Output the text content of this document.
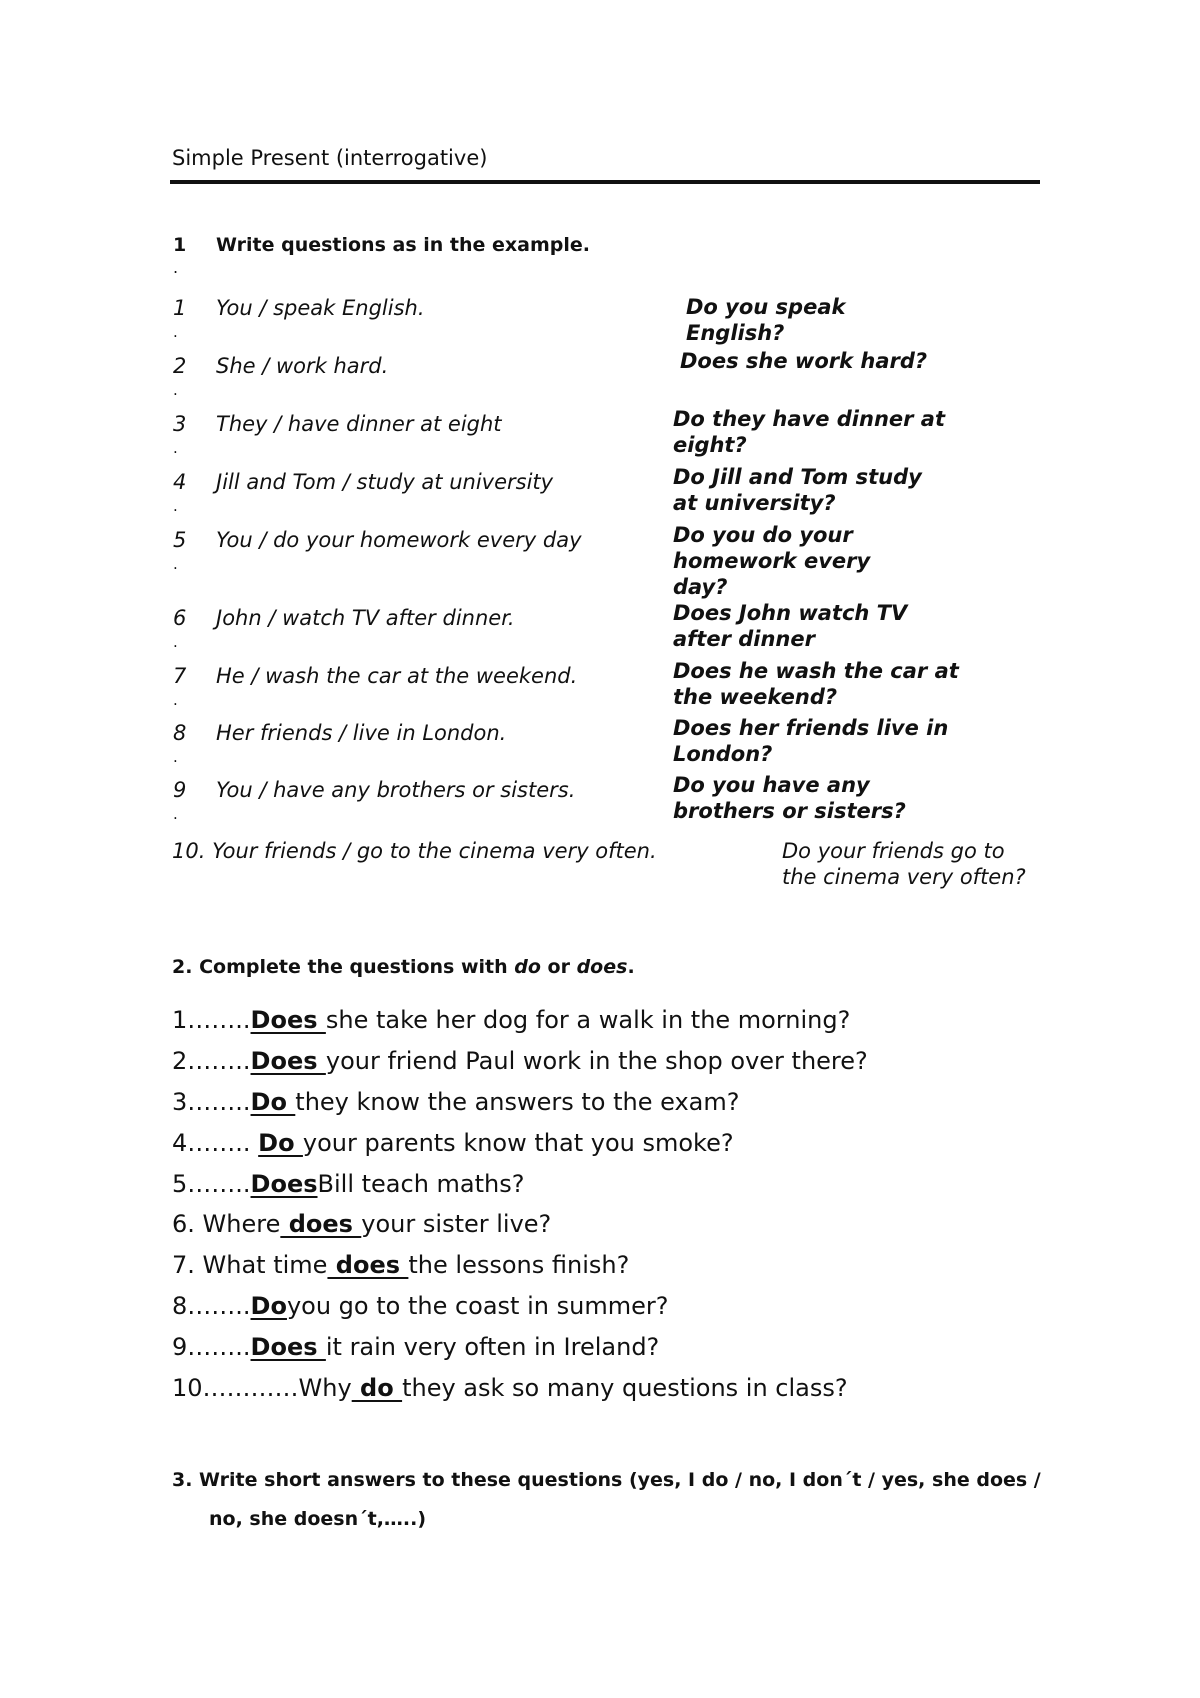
Simple Present (interrogative)
1
.
Write questions as in the example.
1
.
You / speak English.	Do you speak English?
2
.
She / work hard.	Does she work hard?
3
.
They / have dinner at eight	Do they have dinner at eight?
4
.
Jill and Tom / study at university	Do Jill and Tom study at university?
5
.
You / do your homework every day	Do you do your homework every day?
6
.
John / watch TV after dinner.	Does John watch TV after dinner
7
.
He / wash the car at the weekend.	Does he wash the car at the weekend?
8
.
Her friends / live in London.	Does her friends live in London?
9
.
You / have any brothers or sisters.	Do you have any brothers or sisters?
10. Your friends / go to the cinema very often.	Do your friends go to the cinema very often?
2. Complete the questions with do or does.
1……..Does she take her dog for a walk in the morning?
2……..Does your friend Paul work in the shop over there?
3……..Do they know the answers to the exam?
4…….. Do your parents know that you smoke?
5……..DoesBill teach maths?
6. Where does your sister live?
7. What time does the lessons finish?
8……..Doyou go to the coast in summer?
9……..Does it rain very often in Ireland?
10…………Why do they ask so many questions in class?
3. Write short answers to these questions (yes, I do / no, I don´t / yes, she does /
no, she doesn´t,…..)
